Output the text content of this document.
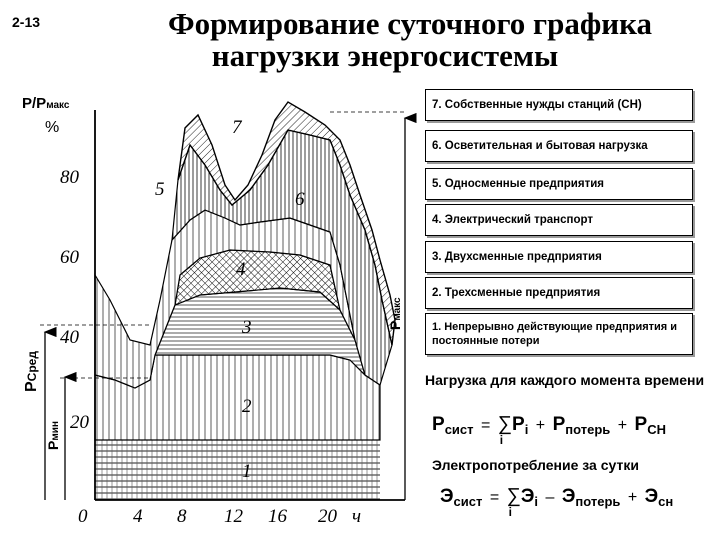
2-13	Формирование суточного графика
нагрузки энергосистемы
P/Pмакс
%
80
60
40
20
0 4 8 12 16 20 ч
7
6
5
4
3
2
1
Pмакс
PСред
Pмин
7. Собственные нужды станций (СН)
6. Осветительная и бытовая нагрузка
5. Односменные предприятия
4. Электрический транспорт
3. Двухсменные предприятия
2. Трехсменные предприятия
1. Непрерывно действующие предприятия и постоянные потери
Нагрузка для каждого момента времени
$P_{сист}$ = ∑
i
$P_i + P_{потерь} + P_{СН}$
Электропотребление за сутки
$Э_{сист}$ = ∑
i
$Э_i - Э_{потерь} + Э_{сн}$
